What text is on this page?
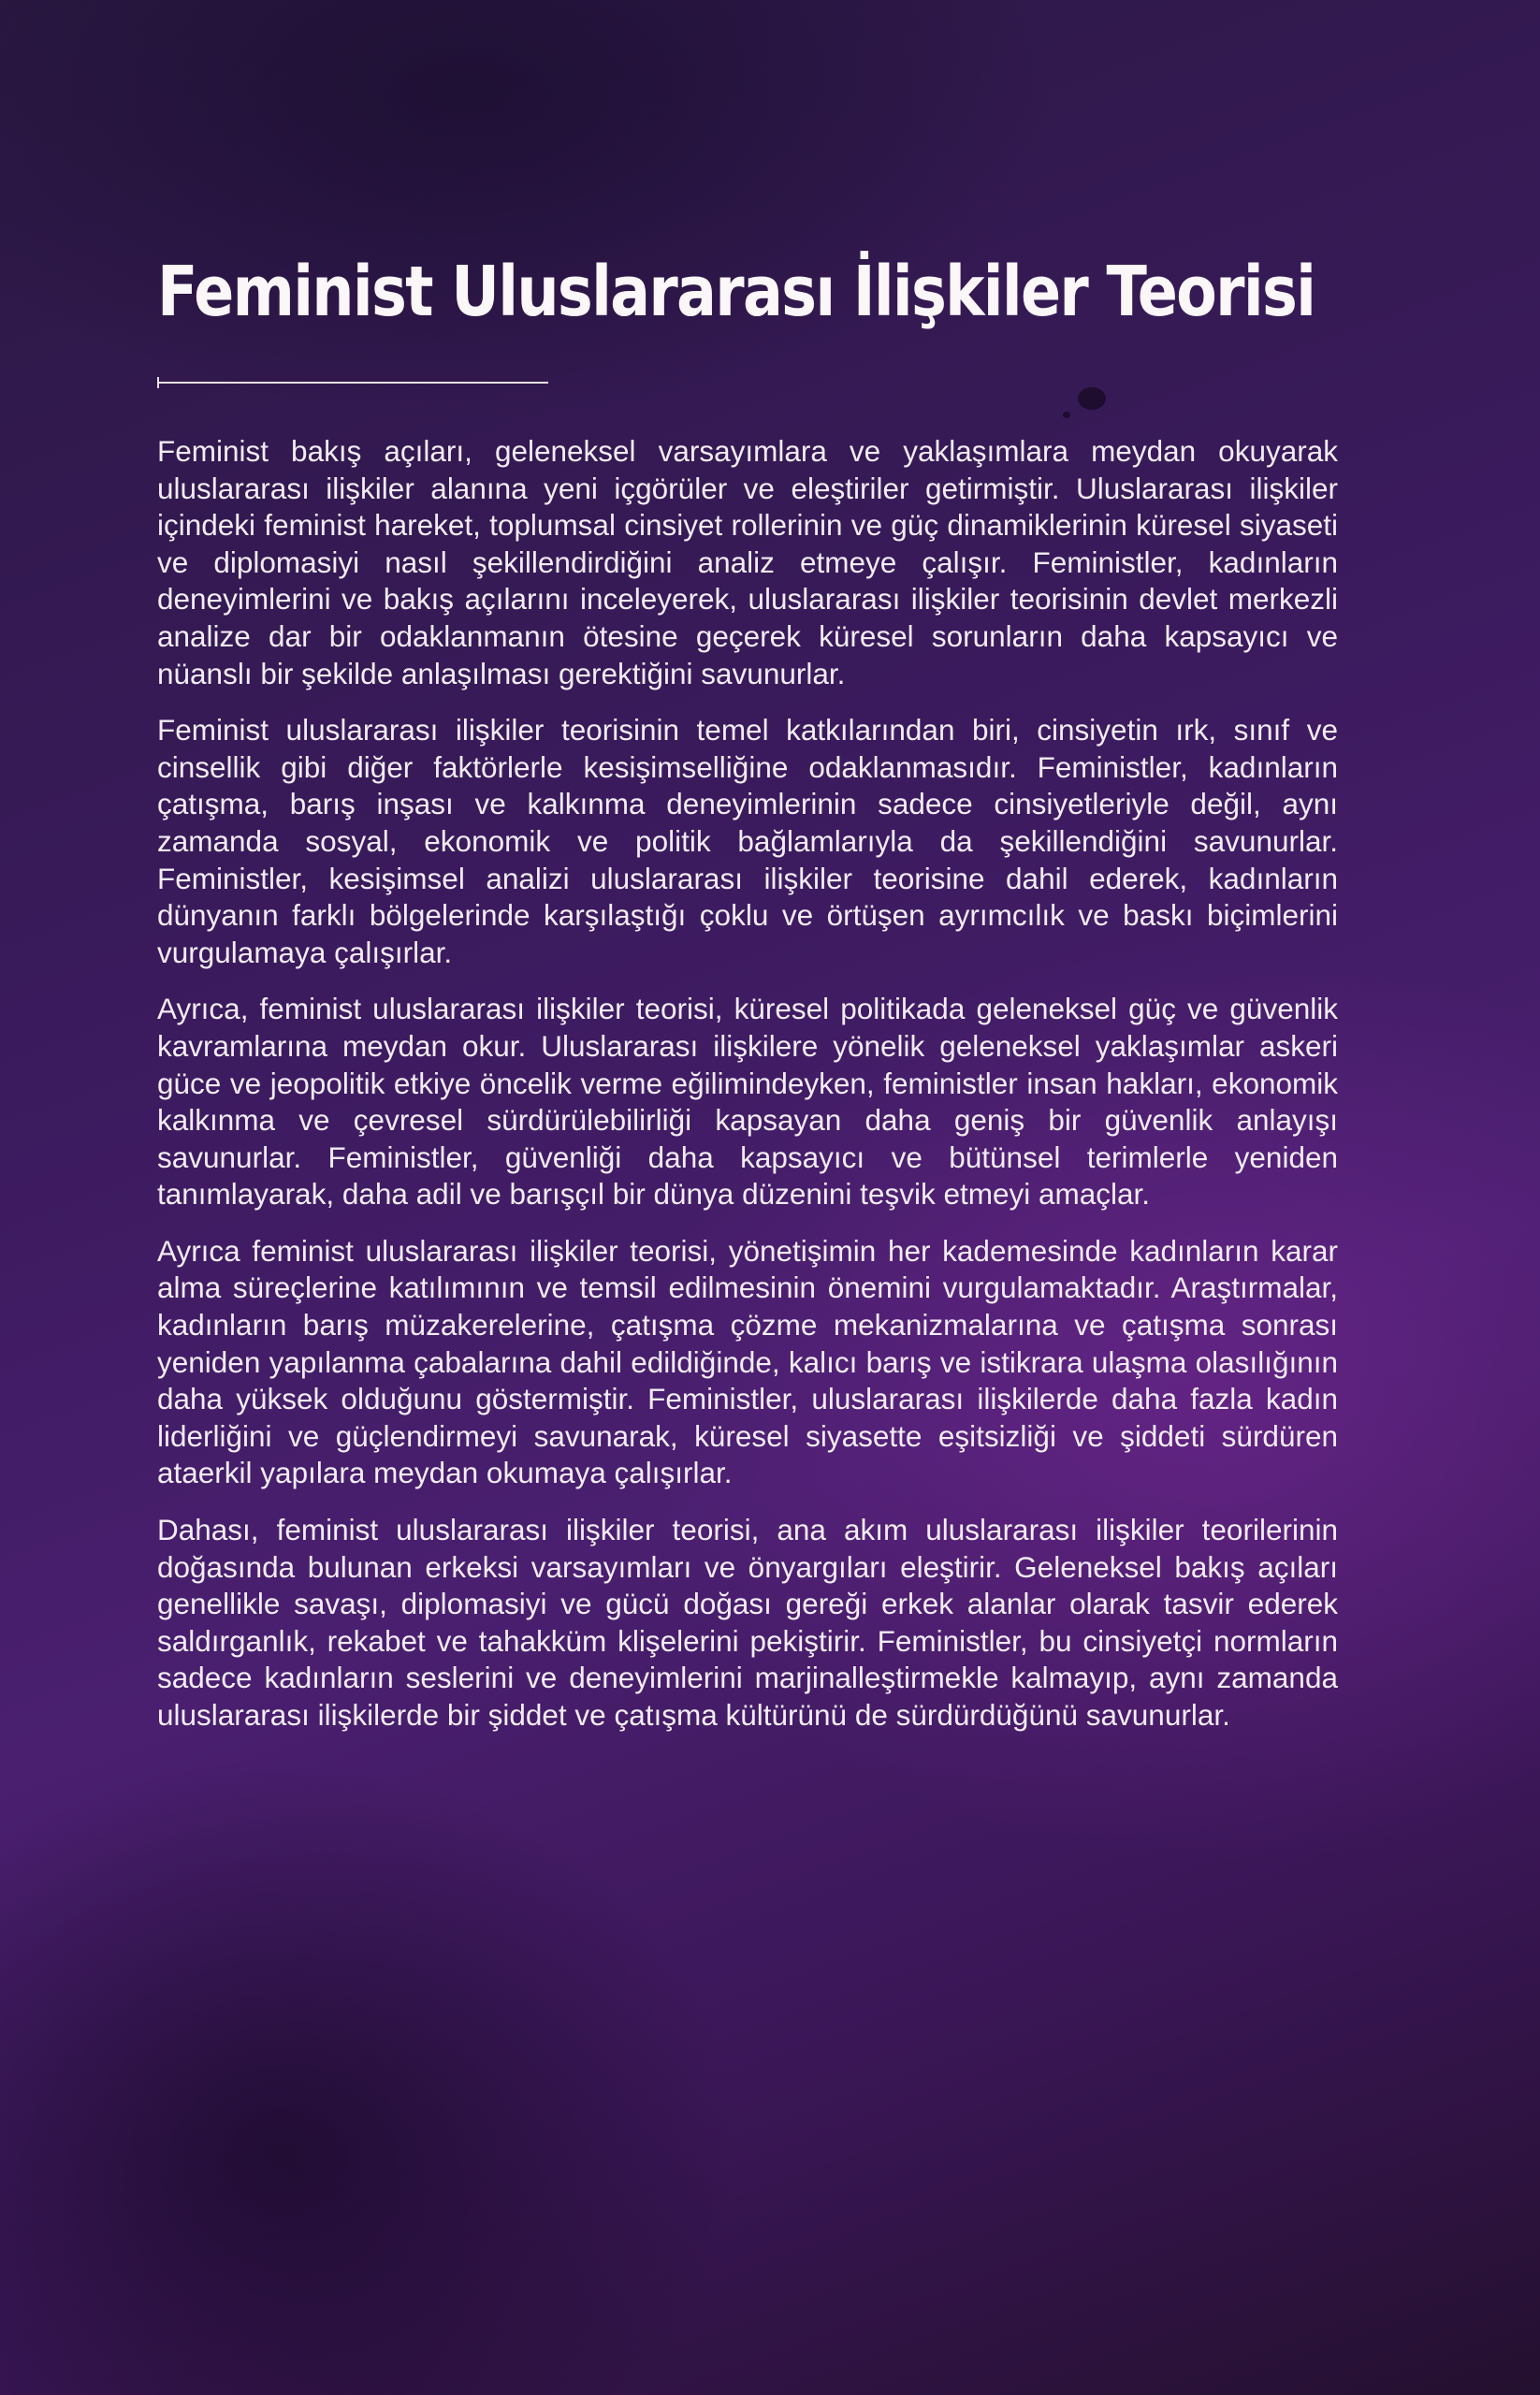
Feminist Uluslararası İlişkiler Teorisi

Feminist bakış açıları, geleneksel varsayımlara ve yaklaşımlara meydan okuyarak uluslararası ilişkiler alanına yeni içgörüler ve eleştiriler getirmiştir. Uluslararası ilişkiler içindeki feminist hareket, toplumsal cinsiyet rollerinin ve güç dinamiklerinin küresel siyaseti ve diplomasiyi nasıl şekillendirdiğini analiz etmeye çalışır. Feministler, kadınların deneyimlerini ve bakış açılarını inceleyerek, uluslararası ilişkiler teorisinin devlet merkezli analize dar bir odaklanmanın ötesine geçerek küresel sorunların daha kapsayıcı ve nüanslı bir şekilde anlaşılması gerektiğini savunurlar.

Feminist uluslararası ilişkiler teorisinin temel katkılarından biri, cinsiyetin ırk, sınıf ve cinsellik gibi diğer faktörlerle kesişimselliğine odaklanmasıdır. Feministler, kadınların çatışma, barış inşası ve kalkınma deneyimlerinin sadece cinsiyetleriyle değil, aynı zamanda sosyal, ekonomik ve politik bağlamlarıyla da şekillendiğini savunurlar. Feministler, kesişimsel analizi uluslararası ilişkiler teorisine dahil ederek, kadınların dünyanın farklı bölgelerinde karşılaştığı çoklu ve örtüşen ayrımcılık ve baskı biçimlerini vurgulamaya çalışırlar.

Ayrıca, feminist uluslararası ilişkiler teorisi, küresel politikada geleneksel güç ve güvenlik kavramlarına meydan okur. Uluslararası ilişkilere yönelik geleneksel yaklaşımlar askeri güce ve jeopolitik etkiye öncelik verme eğilimindeyken, feministler insan hakları, ekonomik kalkınma ve çevresel sürdürülebilirliği kapsayan daha geniş bir güvenlik anlayışı savunurlar. Feministler, güvenliği daha kapsayıcı ve bütünsel terimlerle yeniden tanımlayarak, daha adil ve barışçıl bir dünya düzenini teşvik etmeyi amaçlar.

Ayrıca feminist uluslararası ilişkiler teorisi, yönetişimin her kademesinde kadınların karar alma süreçlerine katılımının ve temsil edilmesinin önemini vurgulamaktadır. Araştırmalar, kadınların barış müzakerelerine, çatışma çözme mekanizmalarına ve çatışma sonrası yeniden yapılanma çabalarına dahil edildiğinde, kalıcı barış ve istikrara ulaşma olasılığının daha yüksek olduğunu göstermiştir. Feministler, uluslararası ilişkilerde daha fazla kadın liderliğini ve güçlendirmeyi savunarak, küresel siyasette eşitsizliği ve şiddeti sürdüren ataerkil yapılara meydan okumaya çalışırlar.

Dahası, feminist uluslararası ilişkiler teorisi, ana akım uluslararası ilişkiler teorilerinin doğasında bulunan erkeksi varsayımları ve önyargıları eleştirir. Geleneksel bakış açıları genellikle savaşı, diplomasiyi ve gücü doğası gereği erkek alanlar olarak tasvir ederek saldırganlık, rekabet ve tahakküm klişelerini pekiştirir. Feministler, bu cinsiyetçi normların sadece kadınların seslerini ve deneyimlerini marjinalleştirmekle kalmayıp, aynı zamanda uluslararası ilişkilerde bir şiddet ve çatışma kültürünü de sürdürdüğünü savunurlar.
